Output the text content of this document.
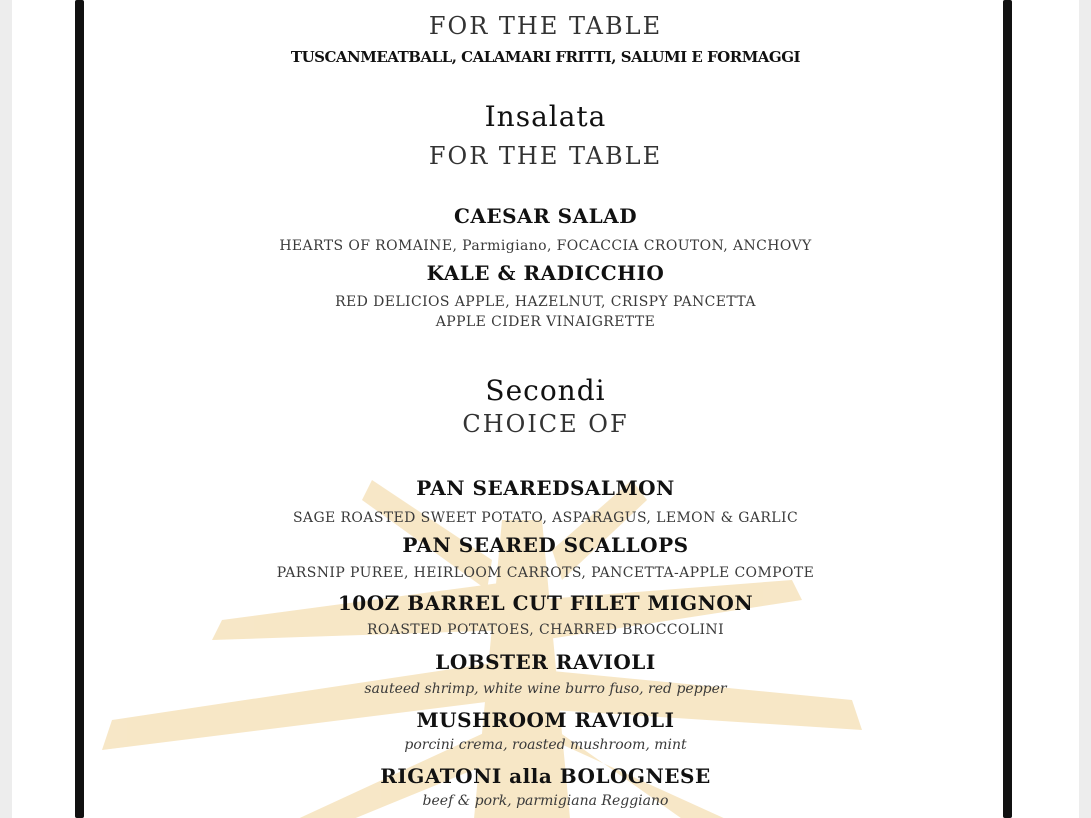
FOR THE TABLE
TUSCANMEATBALL, CALAMARI FRITTI, SALUMI E FORMAGGI
Insalata
FOR THE TABLE
CAESAR SALAD
HEARTS OF ROMAINE, Parmigiano, FOCACCIA CROUTON, ANCHOVY
KALE & RADICCHIO
RED DELICIOS APPLE, HAZELNUT, CRISPY PANCETTA
APPLE CIDER VINAIGRETTE
Secondi
CHOICE OF
PAN SEAREDSALMON
SAGE ROASTED SWEET POTATO, ASPARAGUS, LEMON & GARLIC
PAN SEARED SCALLOPS
PARSNIP PUREE, HEIRLOOM CARROTS, PANCETTA-APPLE COMPOTE
10OZ BARREL CUT FILET MIGNON
ROASTED POTATOES, CHARRED BROCCOLINI
LOBSTER RAVIOLI
sauteed shrimp, white wine burro fuso, red pepper
MUSHROOM RAVIOLI
porcini crema, roasted mushroom, mint
RIGATONI alla BOLOGNESE
beef & pork, parmigiana Reggiano
